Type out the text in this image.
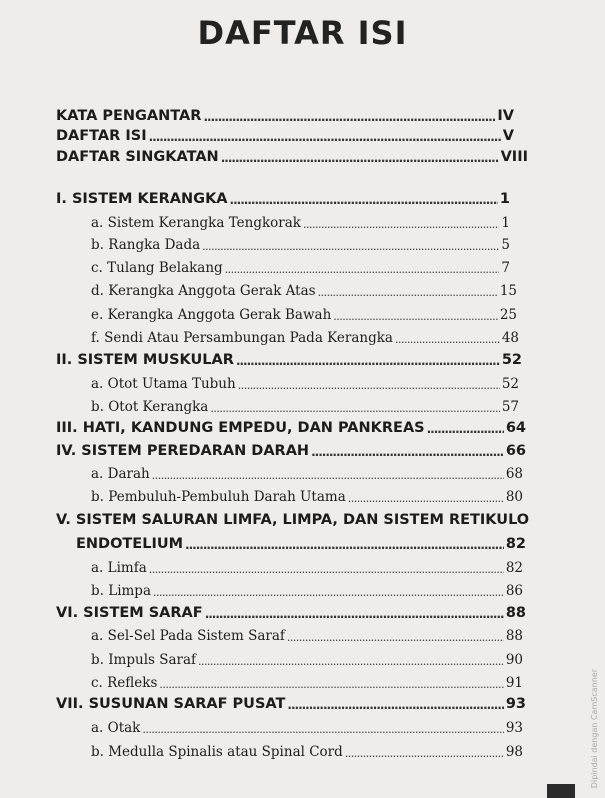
DAFTAR ISI
KATA PENGANTAR .....	IV
DAFTAR ISI .....	V
DAFTAR SINGKATAN .....	VIII
I. SISTEM KERANGKA .....	1
a. Sistem Kerangka Tengkorak .....	1
b. Rangka Dada .....	5
c. Tulang Belakang .....	7
d. Kerangka Anggota Gerak Atas .....	15
e. Kerangka Anggota Gerak Bawah .....	25
f. Sendi Atau Persambungan Pada Kerangka .....	48
II. SISTEM MUSKULAR .....	52
a. Otot Utama Tubuh .....	52
b. Otot Kerangka .....	57
III. HATI, KANDUNG EMPEDU, DAN PANKREAS .....	64
IV. SISTEM PEREDARAN DARAH .....	66
a. Darah .....	68
b. Pembuluh-Pembuluh Darah Utama .....	80
V. SISTEM SALURAN LIMFA, LIMPA, DAN SISTEM RETIKULO
ENDOTELIUM .....	82
a. Limfa .....	82
b. Limpa .....	86
VI. SISTEM SARAF .....	88
a. Sel-Sel Pada Sistem Saraf .....	88
b. Impuls Saraf .....	90
c. Refleks .....	91
VII. SUSUNAN SARAF PUSAT .....	93
a. Otak .....	93
b. Medulla Spinalis atau Spinal Cord .....	98	Dipindai dengan CamScanner
